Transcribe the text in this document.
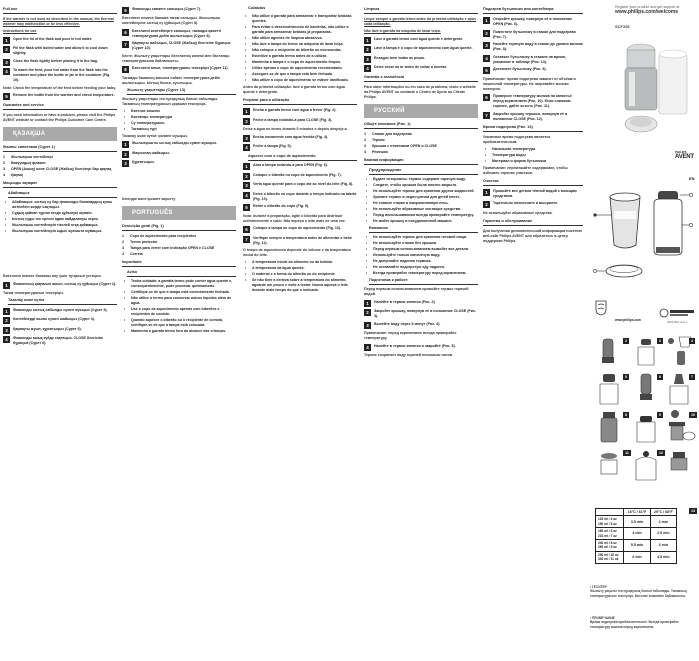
Full use
If the warmer is not used as described in the manual, the thermal warmer may malfunction or be less effective.
Instructions for use
1	Open the lid of the flask and pour in hot water.
2	Fill the flask with boiled water and allow it to cool down slightly.
3	Close the flask tightly before placing it in the bag.
4	To warm the feed, pour hot water from the flask into the container and place the bottle or jar in the container (Fig. 10).
Note: Check the temperature of the feed before feeding your baby.
5	Remove the bottle from the warmer and check temperature.
Guarantee and service
If you need information or have a problem, please visit the Philips AVENT website or contact the Philips Customer Care Centre.
ҚАЗАҚША
Жалпы сипаттама (Сурет 1)
1 Жылытқыш контейнері
2 Вакуумдық флакон
3 OPEN (Ашық) және CLOSE (Жабық) белгілері бар қақпақ
4 Қақпақ
Маңызды ақпарат
Абайлаңыз
•	Абайлаңыз: ыстық су бар флаконды балалардың қолы жетпейтін жерде сақтаңыз.
•	Судың қайнап тұрған кезде құйылуы мүмкін.
•	Ыстық суды тек ересек адам пайдалануы керек.
•	Жылытқыш контейнерін тікелей отқа қоймаңыз.
•	Жылытқыш контейнерін ыдыс жуғышта жумаңыз.
Бөтелкені немесе банканы алу үшін тұтқасын ұстаңыз.
1	Флаконның қақпағын ашып, ыстық су құйыңыз (Сурет 2).
Тағам температурасын тексеріңіз.
Тазалау және күтім
1	Флаконды ыстық сабынды сумен жуыңыз (Сурет 3).
2	Контейнерді жылы сумен шайыңыз (Сурет 4).
3	Қақпақты жуып, құрғатыңыз (Сурет 5).
4	Флаконды ашық күйде сақтаңыз, CLOSE белгісіне бұраңыз (Сурет 6).
5	Флаконды сөмкеге салыңыз (Сурет 7).
Бөтелкеге немесе банкаға тағам салыңыз. Жылытқыш контейнеріне ыстық су құйыңыз (Сурет 8).
6	Бөтелкені контейнерге салыңыз, тағамды қажетті температураға дейін жылытыңыз (Сурет 9).
7	Қақпақты жабыңыз, CLOSE (Жабық) белгісіне бұраңыз (Сурет 10).
Кесте: Жылыту уақыттары бөтелкенің көлемі мен бастапқы температурасына байланысты.
8	Бөтелкені алып, температураны тексеріңіз (Сурет 11).
Тағамды баланың жасына сәйкес температураға дейін жылытыңыз. Ыстық болса, суытыңыз.
Жылыту уақыттары (Сурет 13)
Жылыту уақыттары тек нұсқаулық болып табылады. Тағамның температурасын әрқашан тексеріңіз.
•	Бөтелке өлшемі
•	Бастапқы температура
•	Су температурасы
•	Тағамның түрі
Тазалау және күтім: қолмен жуыңыз.
1	Жылытқышты ыстық сабынды сумен жуыңыз.
2	Жақсылап шайыңыз.
3	Құрғатыңыз.
Кепілдік және қызмет көрсету
PORTUGUÊS
Descrição geral (Fig. 1)
1 Copo de aquecimento para recipientes
2 Termo protector
3 Tampa para verter com indicação OPEN e CLOSE
4 Correia
Importante
Aviso
•	Tenha cuidado: a garrafa termo pode conter água quente e, consequentemente, pode provocar queimaduras.
•	Certifique-se de que a tampa está correctamente fechada.
•	Não utilize o termo para conservar outros líquidos além de água.
•	Use o copo de aquecimento apenas com biberões e recipientes de comida.
•	Quando aquecer o biberão ou o recipiente de comida, certifique-se de que a tampa está colocada.
•	Mantenha a garrafa termo fora do alcance das crianças.
Cuidados
•	Não utilize a garrafa para armazenar e transportar bebidas quentes.
•	Para evitar o desenvolvimento de bactérias, não utilize a garrafa para armazenar bebidas já preparadas.
•	Não utilize agentes de limpeza abrasivos.
•	Não lave a tampa do termo na máquina de lavar loiça.
•	Não coloque o recipiente de biberão no microondas.
•	Esterilize a garrafa termo antes de a utilizar.
•	Mantenha a tampa e o copo de aquecimento limpos.
•	Utilize apenas o copo de aquecimento recomendado.
•	Assegure-se de que a tampa está bem fechada.
•	Não utilize o copo de aquecimento se estiver danificado.
Antes da primeira utilização: lave a garrafa termo com água quente e detergente.
Preparar para a utilização
1	Encha a garrafa termo com água a ferver (Fig. 2).
2	Feche a tampa rodando-a para CLOSE (Fig. 3).
Deixe a água no termo durante 5 minutos e depois despeje-a.
3	Encha novamente com água fervida (Fig. 4).
4	Feche a tampa (Fig. 5).
Aquecer com o copo de aquecimento
1	Abra a tampa rodando-a para OPEN (Fig. 6).
2	Coloque o biberão no copo de aquecimento (Fig. 7).
3	Verta água quente para o copo até ao nível do leite (Fig. 8).
4	Deixe o biberão no copo durante o tempo indicado na tabela (Fig. 13).
5	Retire o biberão do copo (Fig. 9).
Nota: durante a preparação, agite o biberão para distribuir uniformemente o calor. Não aqueça o leite mais de uma vez.
6	Coloque a tampa no copo de aquecimento (Fig. 10).
7	Verifique sempre a temperatura antes de alimentar o bebé (Fig. 11).
O tempo de aquecimento depende do volume e da temperatura inicial do leite.
•	A temperatura inicial do alimento ou da bebida.
•	A temperatura da água quente.
•	O material e a forma do biberão ou do recipiente.
•	Se não tiver a certeza sobre a temperatura do alimento, aguarde um pouco e volte a testar. Nunca aqueça o leite durante mais tempo do que o indicado.
Limpeza
Limpe sempre a garrafa termo antes da primeira utilização e após cada utilização.
Não lave a garrafa na máquina de lavar loiça.
1	Lave a garrafa termo com água quente e detergente.
2	Lave a tampa e o copo de aquecimento com água quente.
3	Enxagúe bem todas as peças.
4	Deixe secar ao ar antes de voltar a montar.
Garantia e assistência
Para obter informações ou em caso de problema, visite o website da Philips AVENT ou contacte o Centro de Apoio ao Cliente Philips.
РУССКИЙ
Общее описание (Рис. 1)
1 Стакан для подогрева
2 Термос
3 Крышка с отметками OPEN и CLOSE
4 Ремешок
Важная информация
Предупреждение
•	Будьте осторожны: термос содержит горячую воду.
•	Следите, чтобы крышка была плотно закрыта.
•	Не используйте термос для хранения других жидкостей.
•	Храните термос в недоступном для детей месте.
•	Не ставьте стакан в микроволновую печь.
•	Не используйте абразивные чистящие средства.
•	Перед использованием всегда проверяйте температуру.
•	Не мойте крышку в посудомоечной машине.
Внимание
•	Не используйте термос для хранения готовой пищи.
•	Не используйте стакан без крышки.
•	Перед первым использованием вымойте все детали.
•	Используйте только кипячёную воду.
•	Не допускайте падения термоса.
•	Не оставляйте подогретую еду надолго.
•	Всегда проверяйте температуру перед кормлением.
Подготовка к работе
Перед первым использованием промойте термос горячей водой.
1	Налейте в термос кипяток (Рис. 2).
2	Закройте крышку, повернув её в положение CLOSE (Рис. 3).
3	Вылейте воду через 5 минут (Рис. 4).
Примечание: перед кормлением всегда проверяйте температуру.
4	Налейте в термос кипяток и закройте (Рис. 5).
Термос сохраняет воду горячей несколько часов.
Подогрев бутылочки или контейнера
1	Откройте крышку, повернув её в положение OPEN (Рис. 6).
2	Поместите бутылочку в стакан для подогрева (Рис. 7).
3	Налейте горячую воду в стакан до уровня молока (Рис. 8).
4	Оставьте бутылочку в стакане на время, указанное в таблице (Рис. 13).
5	Достаньте бутылочку (Рис. 9).
Примечание: время подогрева зависит от объёма и начальной температуры. Не нагревайте молоко повторно.
6	Проверьте температуру молока на запястье перед кормлением (Рис. 10). Если слишком горячее, дайте остыть (Рис. 11).
7	Закройте крышку термоса, повернув её в положение CLOSE (Рис. 12).
Время подогрева (Рис. 13)
Указанное время подогрева является приблизительным.
•	Начальная температура
•	Температура воды
•	Материал и форма бутылочки
Примечание: перемешайте содержимое, чтобы избежать горячих участков.
Очистка
1	Промойте все детали тёплой водой с моющим средством.
2	Тщательно ополосните и высушите.
Не используйте абразивные средства.
Гарантия и обслуживание
Для получения дополнительной информации посетите веб-сайт Philips AVENT или обратитесь в центр поддержки Philips.
Register your product and get support at
www.philips.com/welcome
SCF256
PHILIPS
AVENT
EN
www.philips.com	4222.002.xxxx.x
2	3	4
5	6	7
8	9	10
11	12
13
	16°C / 61°F	20°C / 68°F
125 ml / 4 oz
150 ml / 5 oz	3.5 min	2 min
180 ml / 6 oz
210 ml / 7 oz	4 min	2.5 min
240 ml / 8 oz
260 ml / 9 oz	5.5 min	3 min
290 ml / 10 oz
330 ml / 11 oz	6 min	4.5 min
• ГЕСИТЕР
Жылыту уақыты тек нұсқаулық болып табылады. Тағамның температурасын тексеріңіз. Бөтелке өлшеміне байланысты.
• ПРИМЕЧАНИЕ
Время подогрева приблизительное. Всегда проверяйте температуру молока перед кормлением.
